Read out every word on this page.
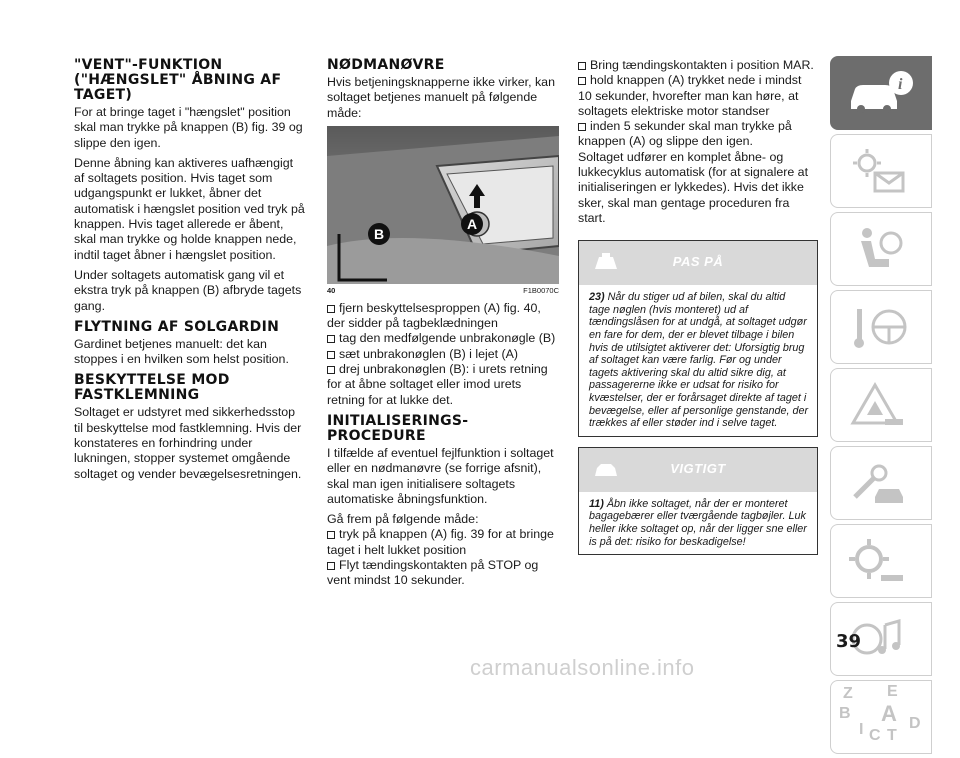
"VENT"-FUNKTION ("HÆNGSLET" ÅBNING AF TAGET)

For at bringe taget i "hængslet" position skal man trykke på knappen (B) fig. 39 og slippe den igen.

Denne åbning kan aktiveres uafhængigt af soltagets position. Hvis taget som udgangspunkt er lukket, åbner det automatisk i hængslet position ved tryk på knappen. Hvis taget allerede er åbent, skal man trykke og holde knappen nede, indtil taget åbner i hængslet position.

Under soltagets automatisk gang vil et ekstra tryk på knappen (B) afbryde tagets gang.

FLYTNING AF SOLGARDIN

Gardinet betjenes manuelt: det kan stoppes i en hvilken som helst position.

BESKYTTELSE MOD FASTKLEMNING

Soltaget er udstyret med sikkerhedsstop til beskyttelse mod fastklemning. Hvis der konstateres en forhindring under lukningen, stopper systemet omgående soltaget og vender bevægelsesretningen.

NØDMANØVRE

Hvis betjeningsknapperne ikke virker, kan soltaget betjenes manuelt på følgende måde:

A
B
40	F1B0070C
fjern beskyttelsesproppen (A) fig. 40, der sidder på tagbeklædningen
tag den medfølgende unbrakonøgle (B)
sæt unbrakonøglen (B) i lejet (A)
drej unbrakonøglen (B): i urets retning for at åbne soltaget eller imod urets retning for at lukke det.
INITIALISERINGS-PROCEDURE

I tilfælde af eventuel fejlfunktion i soltaget eller en nødmanøvre (se forrige afsnit), skal man igen initialisere soltagets automatiske åbningsfunktion.

Gå frem på følgende måde:

tryk på knappen (A) fig. 39 for at bringe taget i helt lukket position
Flyt tændingskontakten på STOP og vent mindst 10 sekunder.
Bring tændingskontakten i position MAR.
hold knappen (A) trykket nede i mindst 10 sekunder, hvorefter man kan høre, at soltagets elektriske motor standser
inden 5 sekunder skal man trykke på knappen (A) og slippe den igen.

Soltaget udfører en komplet åbne- og lukkecyklus automatisk (for at signalere at initialiseringen er lykkedes). Hvis det ikke sker, skal man gentage proceduren fra start.

PAS PÅ
23) Når du stiger ud af bilen, skal du altid tage nøglen (hvis monteret) ud af tændingslåsen for at undgå, at soltaget udgør en fare for dem, der er blevet tilbage i bilen hvis de utilsigtet aktiverer det: Uforsigtig brug af soltaget kan være farlig. Før og under tagets aktivering skal du altid sikre dig, at passagererne ikke er udsat for risiko for kvæstelser, der er forårsaget direkte af taget i bevægelse, eller af personlige genstande, der trækkes af eller støder ind i selve taget.
VIGTIGT
11) Åbn ikke soltaget, når der er monteret bagagebærer eller tværgående tagbøjler. Luk heller ikke soltaget op, når der ligger sne eller is på det: risiko for beskadigelse!
i
Z E
B A
I C T
D
39
carmanualsonline.info
